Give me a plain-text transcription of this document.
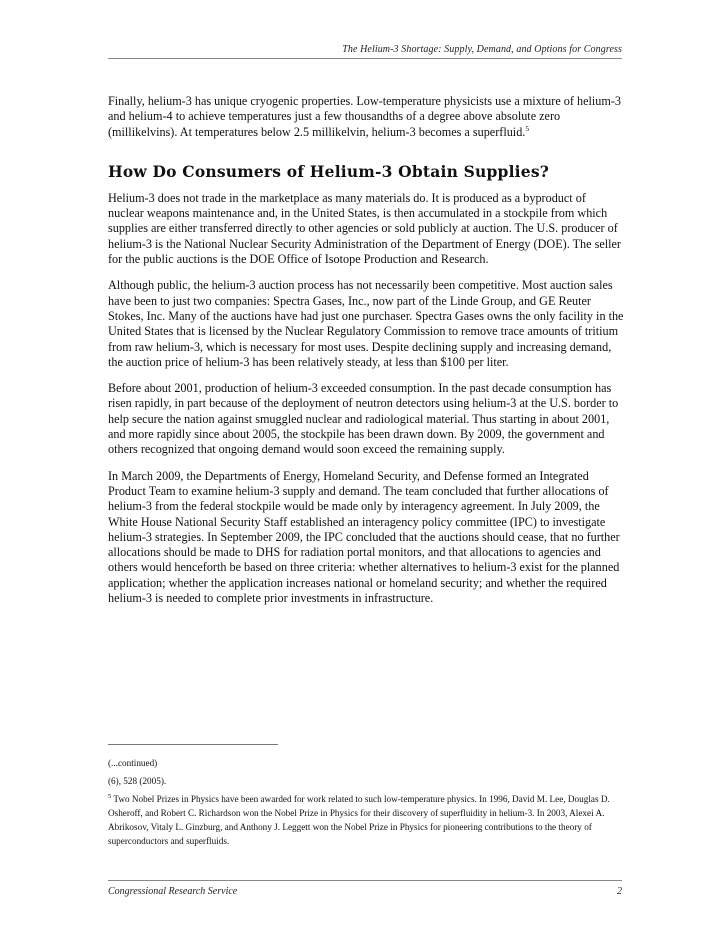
The Helium-3 Shortage: Supply, Demand, and Options for Congress

Finally, helium-3 has unique cryogenic properties. Low-temperature physicists use a mixture of helium-3 and helium-4 to achieve temperatures just a few thousandths of a degree above absolute zero (millikelvins). At temperatures below 2.5 millikelvin, helium-3 becomes a superfluid.$^5$

How Do Consumers of Helium-3 Obtain Supplies?

Helium-3 does not trade in the marketplace as many materials do. It is produced as a byproduct of nuclear weapons maintenance and, in the United States, is then accumulated in a stockpile from which supplies are either transferred directly to other agencies or sold publicly at auction. The U.S. producer of helium-3 is the National Nuclear Security Administration of the Department of Energy (DOE). The seller for the public auctions is the DOE Office of Isotope Production and Research.

Although public, the helium-3 auction process has not necessarily been competitive. Most auction sales have been to just two companies: Spectra Gases, Inc., now part of the Linde Group, and GE Reuter Stokes, Inc. Many of the auctions have had just one purchaser. Spectra Gases owns the only facility in the United States that is licensed by the Nuclear Regulatory Commission to remove trace amounts of tritium from raw helium-3, which is necessary for most uses. Despite declining supply and increasing demand, the auction price of helium-3 has been relatively steady, at less than $100 per liter.

Before about 2001, production of helium-3 exceeded consumption. In the past decade consumption has risen rapidly, in part because of the deployment of neutron detectors using helium-3 at the U.S. border to help secure the nation against smuggled nuclear and radiological material. Thus starting in about 2001, and more rapidly since about 2005, the stockpile has been drawn down. By 2009, the government and others recognized that ongoing demand would soon exceed the remaining supply.

In March 2009, the Departments of Energy, Homeland Security, and Defense formed an Integrated Product Team to examine helium-3 supply and demand. The team concluded that further allocations of helium-3 from the federal stockpile would be made only by interagency agreement. In July 2009, the White House National Security Staff established an interagency policy committee (IPC) to investigate helium-3 strategies. In September 2009, the IPC concluded that the auctions should cease, that no further allocations should be made to DHS for radiation portal monitors, and that allocations to agencies and others would henceforth be based on three criteria: whether alternatives to helium-3 exist for the planned application; whether the application increases national or homeland security; and whether the required helium-3 is needed to complete prior investments in infrastructure.

(...continued)
(6), 528 (2005).
$^5$ Two Nobel Prizes in Physics have been awarded for work related to such low-temperature physics. In 1996, David M. Lee, Douglas D. Osheroff, and Robert C. Richardson won the Nobel Prize in Physics for their discovery of superfluidity in helium-3. In 2003, Alexei A. Abrikosov, Vitaly L. Ginzburg, and Anthony J. Leggett won the Nobel Prize in Physics for pioneering contributions to the theory of superconductors and superfluids.
Congressional Research Service	2
